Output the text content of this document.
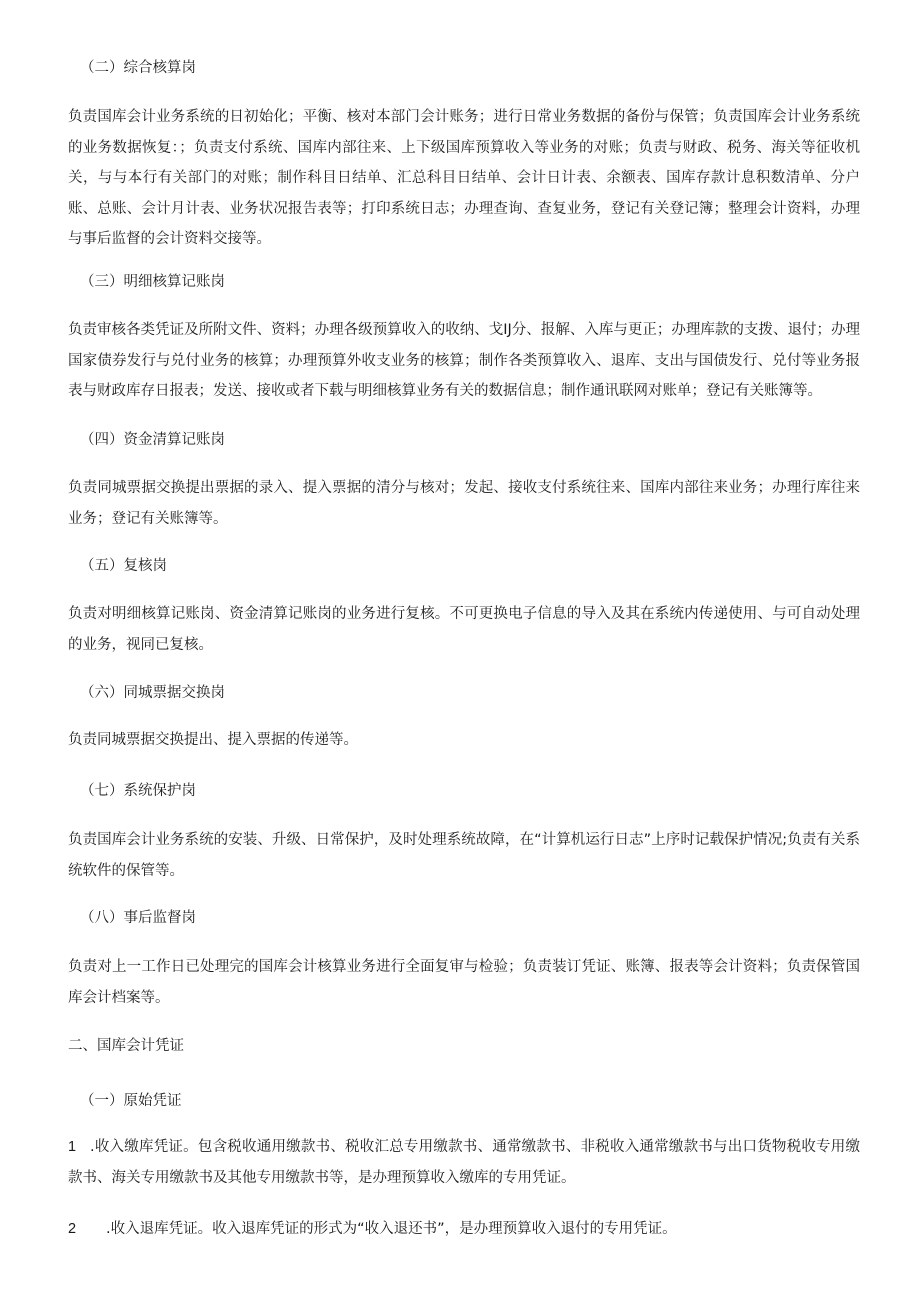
（二）综合核算岗
负责国库会计业务系统的日初始化；平衡、核对本部门会计账务；进行日常业务数据的备份与保管；负责国库会计业务系统的业务数据恢复：；负责支付系统、国库内部往来、上下级国库预算收入等业务的对账；负责与财政、税务、海关等征收机关，与与本行有关部门的对账；制作科目日结单、汇总科目日结单、会计日计表、余额表、国库存款计息积数清单、分户账、总账、会计月计表、业务状况报告表等；打印系统日志；办理查询、查复业务，登记有关登记簿；整理会计资料，办理与事后监督的会计资料交接等。
（三）明细核算记账岗
负责审核各类凭证及所附文件、资料；办理各级预算收入的收纳、戈IJ分、报解、入库与更正；办理库款的支拨、退付；办理国家债券发行与兑付业务的核算；办理预算外收支业务的核算；制作各类预算收入、退库、支出与国债发行、兑付等业务报表与财政库存日报表；发送、接收或者下载与明细核算业务有关的数据信息；制作通讯联网对账单；登记有关账簿等。
（四）资金清算记账岗
负责同城票据交换提出票据的录入、提入票据的清分与核对；发起、接收支付系统往来、国库内部往来业务；办理行库往来业务；登记有关账簿等。
（五）复核岗
负责对明细核算记账岗、资金清算记账岗的业务进行复核。不可更换电子信息的导入及其在系统内传递使用、与可自动处理的业务，视同已复核。
（六）同城票据交换岗
负责同城票据交换提出、提入票据的传递等。
（七）系统保护岗
负责国库会计业务系统的安装、升级、日常保护，及时处理系统故障，在“计算机运行日志”上序时记载保护情况;负责有关系统软件的保管等。
（八）事后监督岗
负责对上一工作日已处理完的国库会计核算业务进行全面复审与检验；负责装订凭证、账簿、报表等会计资料；负责保管国库会计档案等。
二、国库会计凭证
（一）原始凭证
1 .收入缴库凭证。包含税收通用缴款书、税收汇总专用缴款书、通常缴款书、非税收入通常缴款书与出口货物税收专用缴款书、海关专用缴款书及其他专用缴款书等，是办理预算收入缴库的专用凭证。
2 .收入退库凭证。收入退库凭证的形式为“收入退还书”，是办理预算收入退付的专用凭证。
